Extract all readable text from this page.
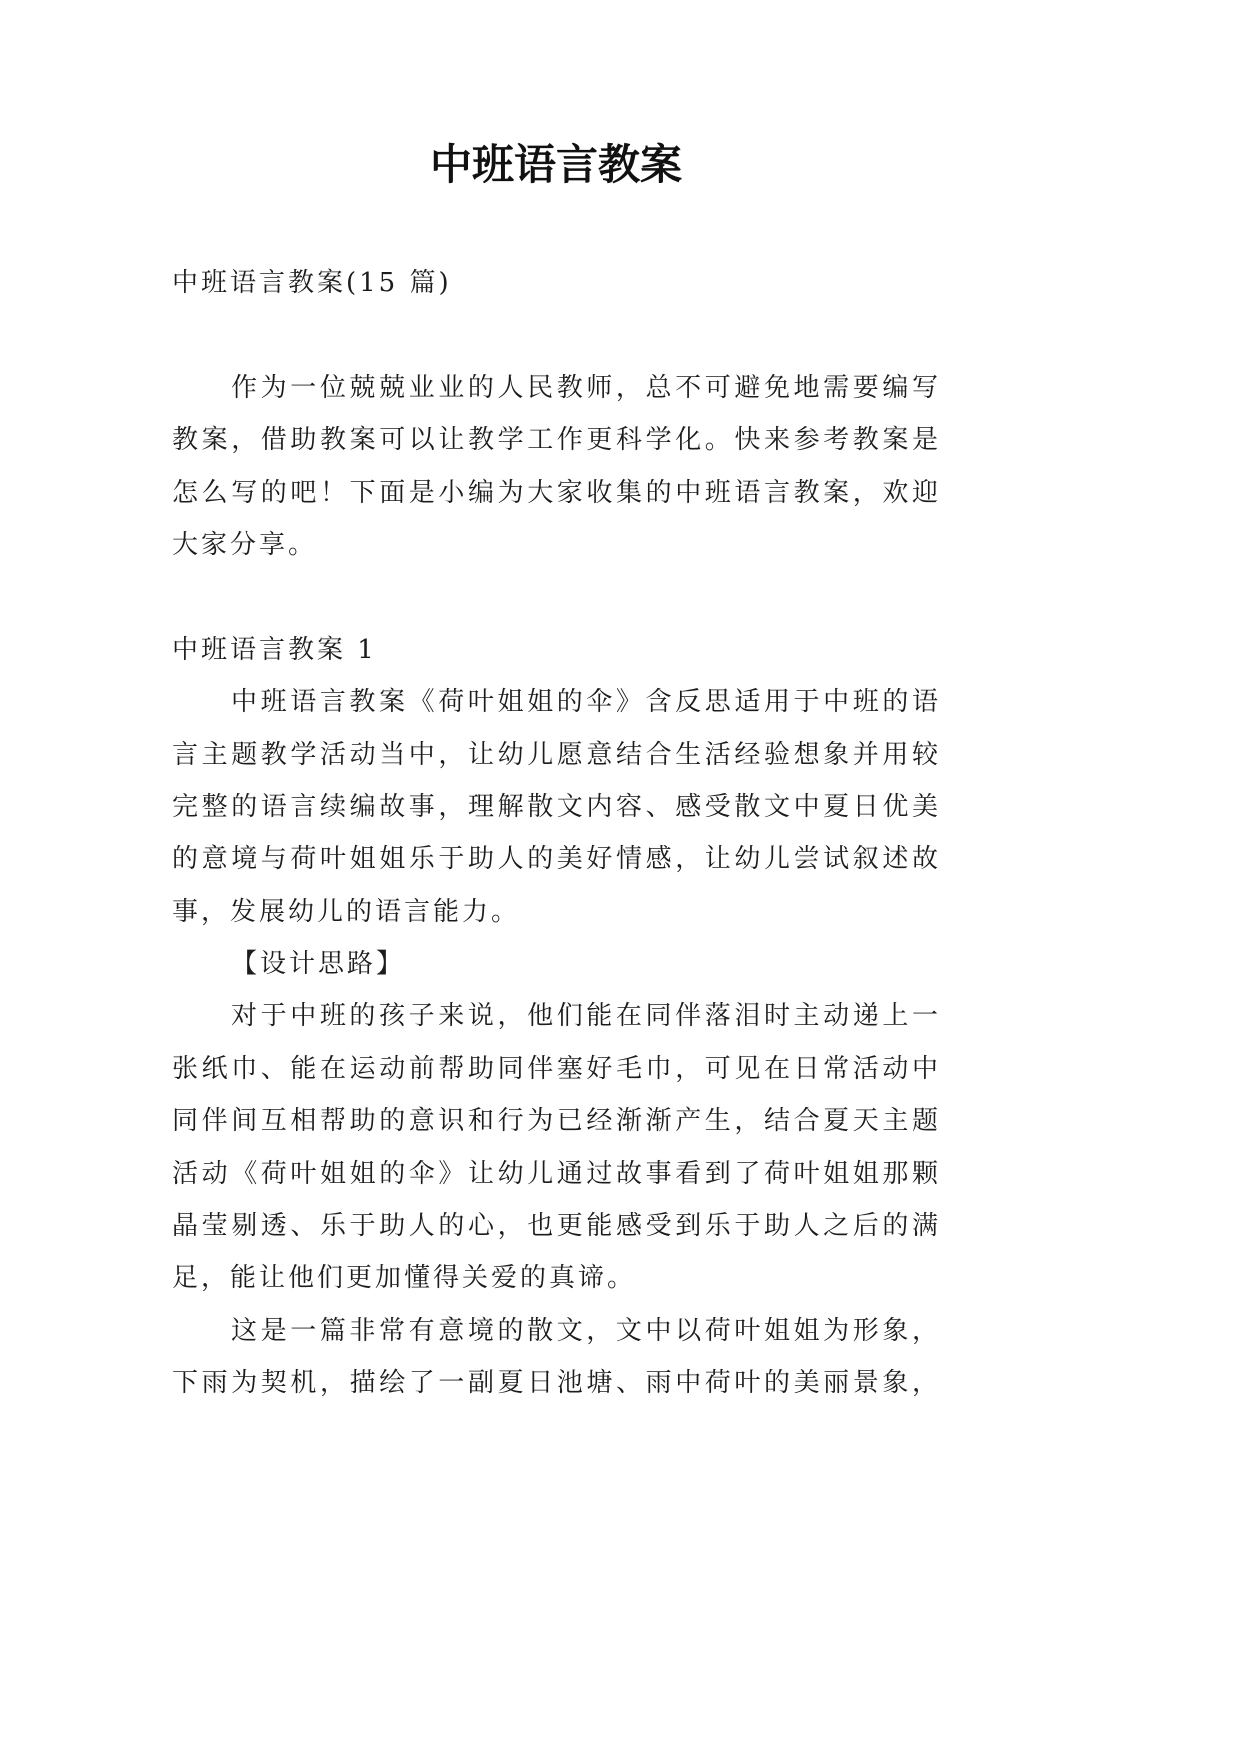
中班语言教案
中班语言教案(15 篇)
作为一位兢兢业业的人民教师，总不可避免地需要编写
教案，借助教案可以让教学工作更科学化。快来参考教案是
怎么写的吧！下面是小编为大家收集的中班语言教案，欢迎
大家分享。
中班语言教案 1
中班语言教案《荷叶姐姐的伞》含反思适用于中班的语
言主题教学活动当中，让幼儿愿意结合生活经验想象并用较
完整的语言续编故事，理解散文内容、感受散文中夏日优美
的意境与荷叶姐姐乐于助人的美好情感，让幼儿尝试叙述故
事，发展幼儿的语言能力。
【设计思路】
对于中班的孩子来说，他们能在同伴落泪时主动递上一
张纸巾、能在运动前帮助同伴塞好毛巾，可见在日常活动中
同伴间互相帮助的意识和行为已经渐渐产生，结合夏天主题
活动《荷叶姐姐的伞》让幼儿通过故事看到了荷叶姐姐那颗
晶莹剔透、乐于助人的心，也更能感受到乐于助人之后的满
足，能让他们更加懂得关爱的真谛。
这是一篇非常有意境的散文，文中以荷叶姐姐为形象，
下雨为契机，描绘了一副夏日池塘、雨中荷叶的美丽景象，
